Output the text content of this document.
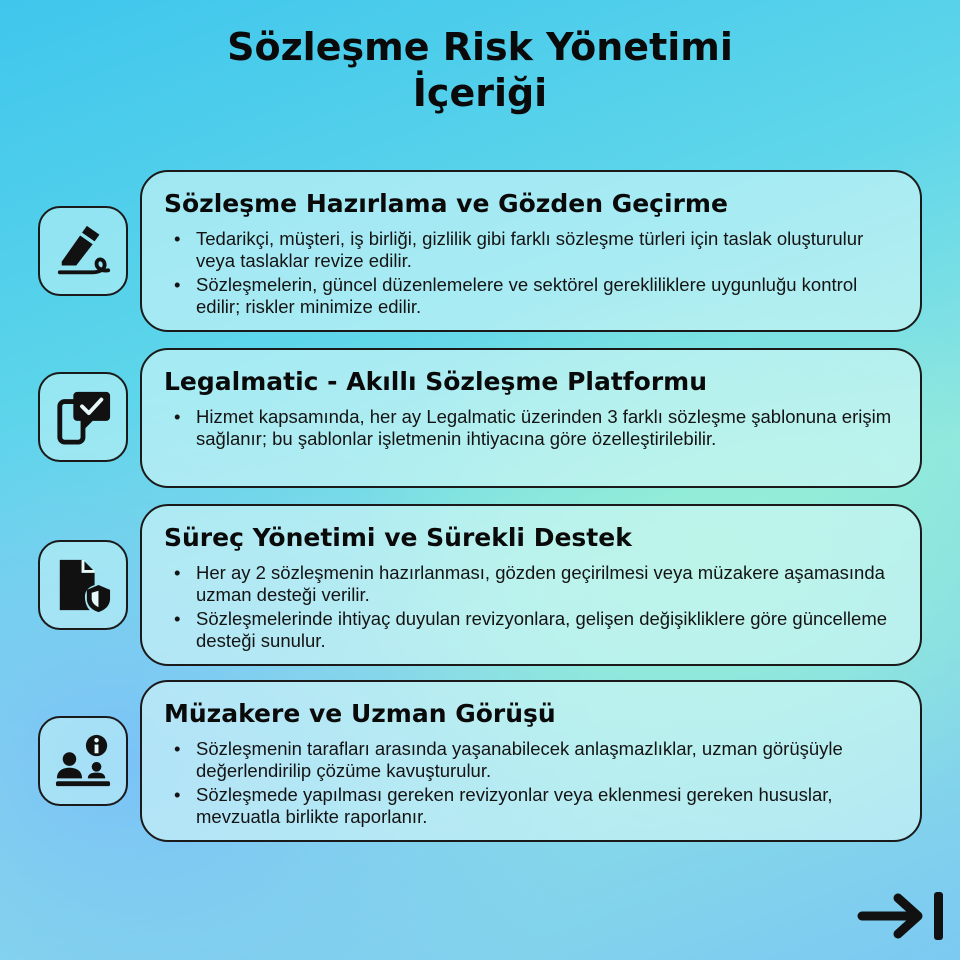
Sözleşme Risk Yönetimi
İçeriği
Sözleşme Hazırlama ve Gözden Geçirme
• Tedarikçi, müşteri, iş birliği, gizlilik gibi farklı sözleşme türleri için taslak oluşturulur veya taslaklar revize edilir.
• Sözleşmelerin, güncel düzenlemelere ve sektörel gerekliliklere uygunluğu kontrol edilir; riskler minimize edilir.
Legalmatic - Akıllı Sözleşme Platformu
• Hizmet kapsamında, her ay Legalmatic üzerinden 3 farklı sözleşme şablonuna erişim sağlanır; bu şablonlar işletmenin ihtiyacına göre özelleştirilebilir.
Süreç Yönetimi ve Sürekli Destek
• Her ay 2 sözleşmenin hazırlanması, gözden geçirilmesi veya müzakere aşamasında uzman desteği verilir.
• Sözleşmelerinde ihtiyaç duyulan revizyonlara, gelişen değişikliklere göre güncelleme desteği sunulur.
Müzakere ve Uzman Görüşü
• Sözleşmenin tarafları arasında yaşanabilecek anlaşmazlıklar, uzman görüşüyle değerlendirilip çözüme kavuşturulur.
• Sözleşmede yapılması gereken revizyonlar veya eklenmesi gereken hususlar, mevzuatla birlikte raporlanır.
